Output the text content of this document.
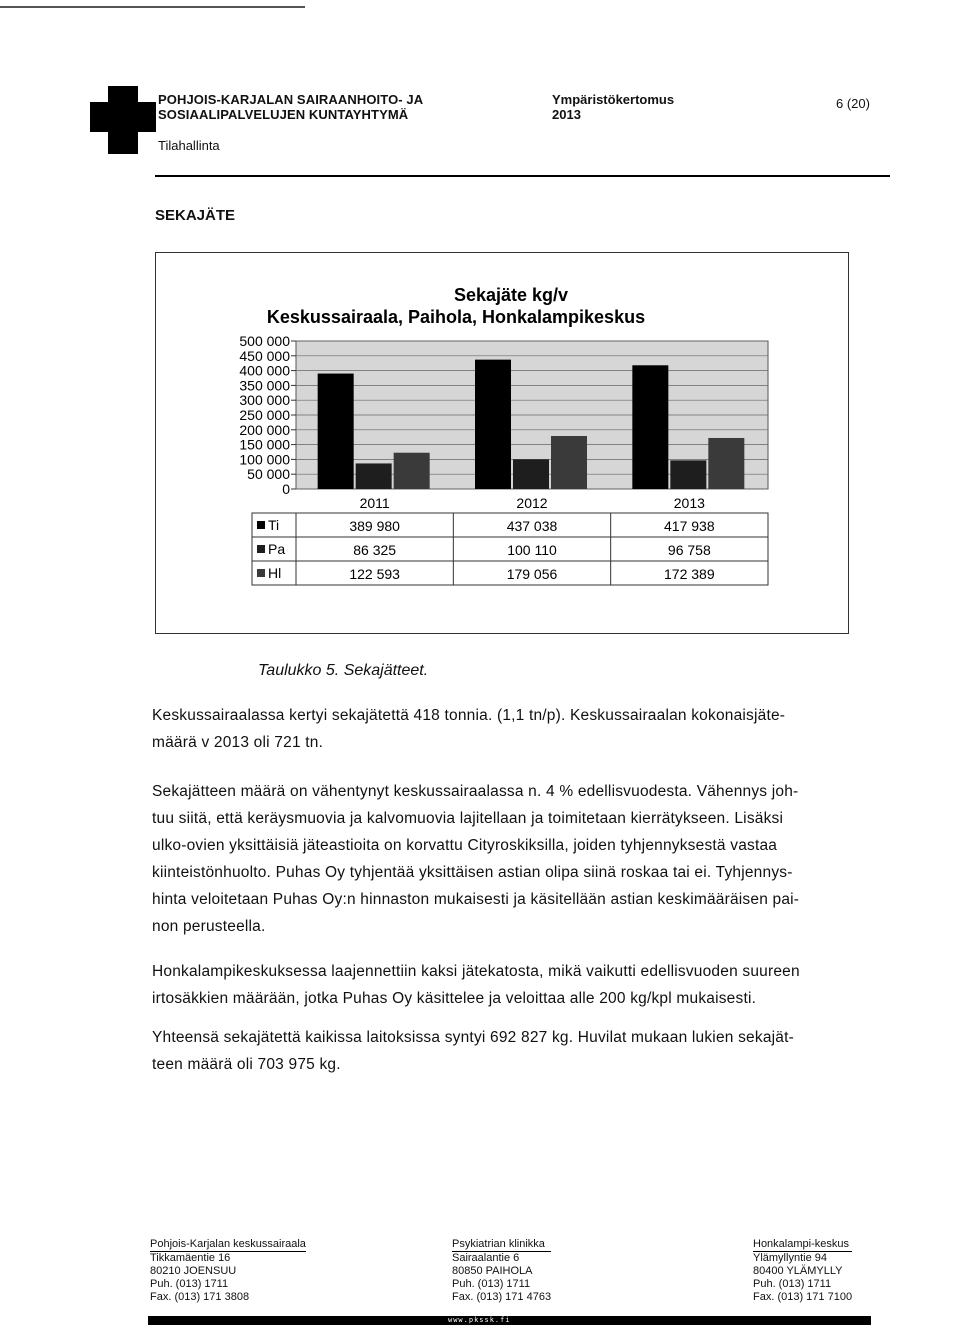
POHJOIS-KARJALAN SAIRAANHOITO- JA
SOSIAALIPALVELUJEN KUNTAYHTYMÄ
Tilahallinta
Ympäristökertomus
2013
6 (20)
SEKAJÄTE
Sekajäte kg/v
Keskussairaala, Paihola, Honkalampikeskus
500 000
450 000
400 000
350 000
300 000
250 000
200 000
150 000
100 000
50 000
0
2011	2012	2013
Ti	389 980	437 038	417 938
Pa	86 325	100 110	96 758
Hl	122 593	179 056	172 389
Taulukko 5. Sekajätteet.
Keskussairaalassa kertyi sekajätettä 418 tonnia. (1,1 tn/p). Keskussairaalan kokonaisjäte-
määrä v 2013 oli 721 tn.
Sekajätteen määrä on vähentynyt keskussairaalassa n. 4 % edellisvuodesta. Vähennys joh-
tuu siitä, että keräysmuovia ja kalvomuovia lajitellaan ja toimitetaan kierrätykseen. Lisäksi
ulko-ovien yksittäisiä jäteastioita on korvattu Cityroskiksilla, joiden tyhjennyksestä vastaa
kiinteistönhuolto. Puhas Oy tyhjentää yksittäisen astian olipa siinä roskaa tai ei. Tyhjennys-
hinta veloitetaan Puhas Oy:n hinnaston mukaisesti ja käsitellään astian keskimääräisen pai-
non perusteella.
Honkalampikeskuksessa laajennettiin kaksi jätekatosta, mikä vaikutti edellisvuoden suureen
irtosäkkien määrään, jotka Puhas Oy käsittelee ja veloittaa alle 200 kg/kpl mukaisesti.
Yhteensä sekajätettä kaikissa laitoksissa syntyi 692 827 kg. Huvilat mukaan lukien sekajät-
teen määrä oli 703 975 kg.
Pohjois-Karjalan keskussairaala
Tikkamäentie 16
80210 JOENSUU
Puh. (013) 1711
Fax. (013) 171 3808
Psykiatrian klinikka
Sairaalantie 6
80850 PAIHOLA
Puh. (013) 1711
Fax. (013) 171 4763
Honkalampi-keskus
Ylämyllyntie 94
80400 YLÄMYLLY
Puh. (013) 1711
Fax. (013) 171 7100
www.pkssk.fi
